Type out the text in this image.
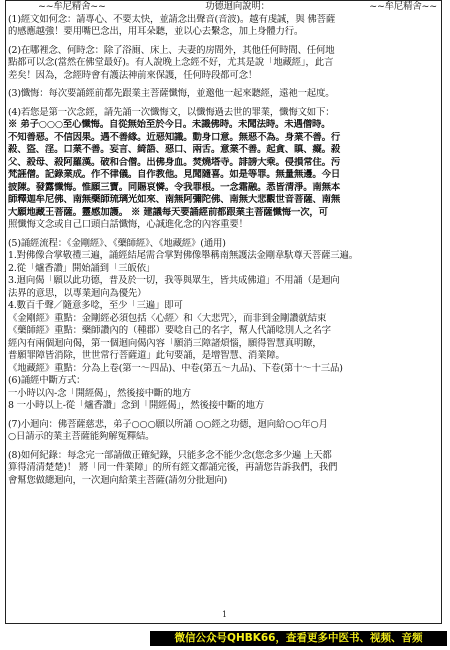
~~牟尼精舍~~	功德迴向說明：	~~牟尼精舍~~
(1)經文如何念：請專心、不要太快，並請念出聲音(音波)。越有虔誠，與 佛菩薩
的感應越強！要用嘴巴念出，用耳朵聽，並以心去繫念，加上身體力行。
(2)在哪裡念、何時念：除了浴廁、床上、夫妻的房間外，其他任何時間、任何地
點都可以念(當然在佛堂最好)。有人說晚上念經不好，尤其是說「地藏經」，此言
差矣！因為，念經時會有護法神前來保護，任何時段都可念！
(3)懺悔：每次要誦經前都先跟業主菩薩懺悔，並邀他一起來聽經，遠祂一起度。
(4)若您是第一次念經，請先誦一次懺悔文，以懺悔過去世的罪業，懺悔文如下：
※ 弟子○○○至心懺悔。自從無始至於今日。未識佛時。未聞法時。未遇僧時。
不知善惡。不信因果。遇不善緣。近惡知識。動身口意。無惡不為。身業不善。行
殺、盜、淫。口業不善。妄言、綺語、惡口、兩舌。意業不善。起貪、瞋、癡。殺
父、殺母、殺阿羅漢。破和合僧。出佛身血。焚燒塔寺。誹謗大乘。侵損常住。污
梵誣僧。記錄業成。作不律儀。自作教他。見聞隨喜。如是等罪。無量無邊。今日
披陳。發露懺悔。惟願三寶。同賜哀憐。令我罪根。一念霜融。悉皆清淨。南無本
師釋迦牟尼佛、南無藥師琉璃光如來、南無阿彌陀佛、南無大悲觀世音菩薩、南無
大願地藏王菩薩。靈感加護。 ※ 建議每天要誦經前都跟業主菩薩懺悔一次，可
照懺悔文念或自己口頭白話懺悔，心誠進化念的內容重要！
(5)誦經流程：《金剛經》、《藥師經》、《地藏經》(通用)
1.對佛像合掌敬禮三遍，誦經結尾需合掌對佛像舉稱南無護法金剛韋馱尊天菩薩三遍。
2.從「爐香讚」開始誦到「三皈依」
3.迴向偈「願以此功德，普及於一切，我等與眾生，皆共成佛道」不用誦（是迴向
法界的意思，以專業迴向為優先）
4.數百千聲／隨意多唸，至少「三遍」即可
《金剛經》重點：金剛經必須包括〈心經〉和〈大悲咒〉，而非到金剛讚就結束
《藥師經》重點：藥師讚內的（種郡）要唸自己的名字，幫人代誦唸別人之名字
經內有兩個迴向偈，第一個迴向偈內容「願消三障諸煩惱，願得智慧真明瞭，
普願罪障皆消除，世世常行菩薩道」此句要誦，是增智慧、消業障。
《地藏經》重點：分為上卷(第一～四品)、中卷(第五～九品)、下卷(第十～十三品)
(6)誦經中斷方式：
一小時以內-念「開經偈」，然後接中斷的地方
8 一小時以上-從「爐香讚」念到「開經偈」，然後接中斷的地方
(7)小迴向：佛菩薩慈悲，弟子○○○願以所誦 ○○經之功德，迴向給○○年○月
○日請示的業主菩薩能夠解冤釋結。
(8)如何紀錄：每念完一部請做正確紀錄，只能多念不能少念(您念多少遍 上天都
算得清清楚楚)！ 將「同一件業障」的所有經文都誦完後，再請您告訴我們，我們
會幫您做總迴向，一次迴向給業主菩薩(請勿分批迴向)
1
微信公众号QHBK66，查看更多中医书、视频、音频
